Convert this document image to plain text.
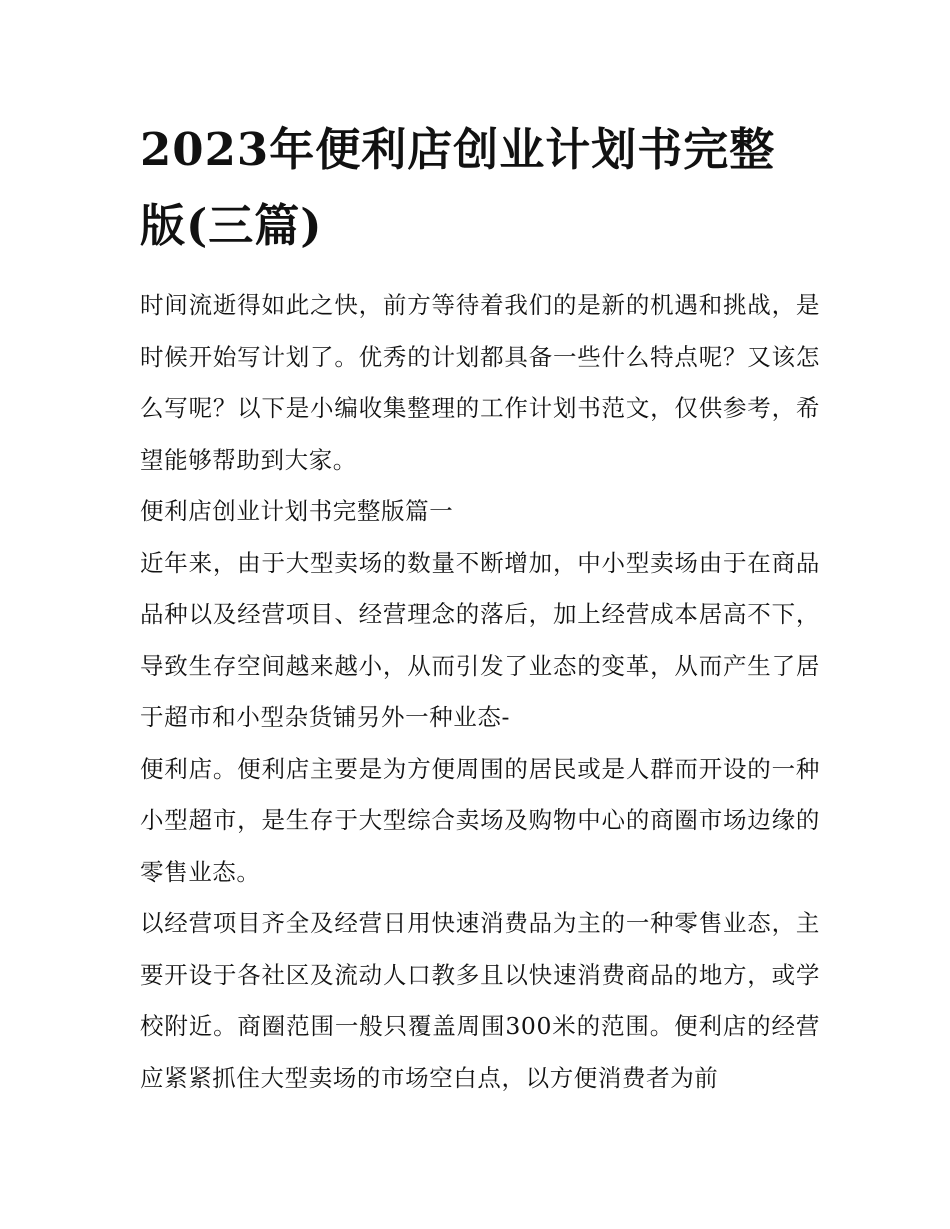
2023年便利店创业计划书完整版(三篇)

时间流逝得如此之快，前方等待着我们的是新的机遇和挑战，是时候开始写计划了。优秀的计划都具备一些什么特点呢？又该怎么写呢？以下是小编收集整理的工作计划书范文，仅供参考，希望能够帮助到大家。

便利店创业计划书完整版篇一

近年来，由于大型卖场的数量不断增加，中小型卖场由于在商品品种以及经营项目、经营理念的落后，加上经营成本居高不下，导致生存空间越来越小，从而引发了业态的变革，从而产生了居于超市和小型杂货铺另外一种业态-

便利店。便利店主要是为方便周围的居民或是人群而开设的一种小型超市，是生存于大型综合卖场及购物中心的商圈市场边缘的零售业态。

以经营项目齐全及经营日用快速消费品为主的一种零售业态，主要开设于各社区及流动人口教多且以快速消费商品的地方，或学校附近。商圈范围一般只覆盖周围300米的范围。便利店的经营应紧紧抓住大型卖场的市场空白点，以方便消费者为前
